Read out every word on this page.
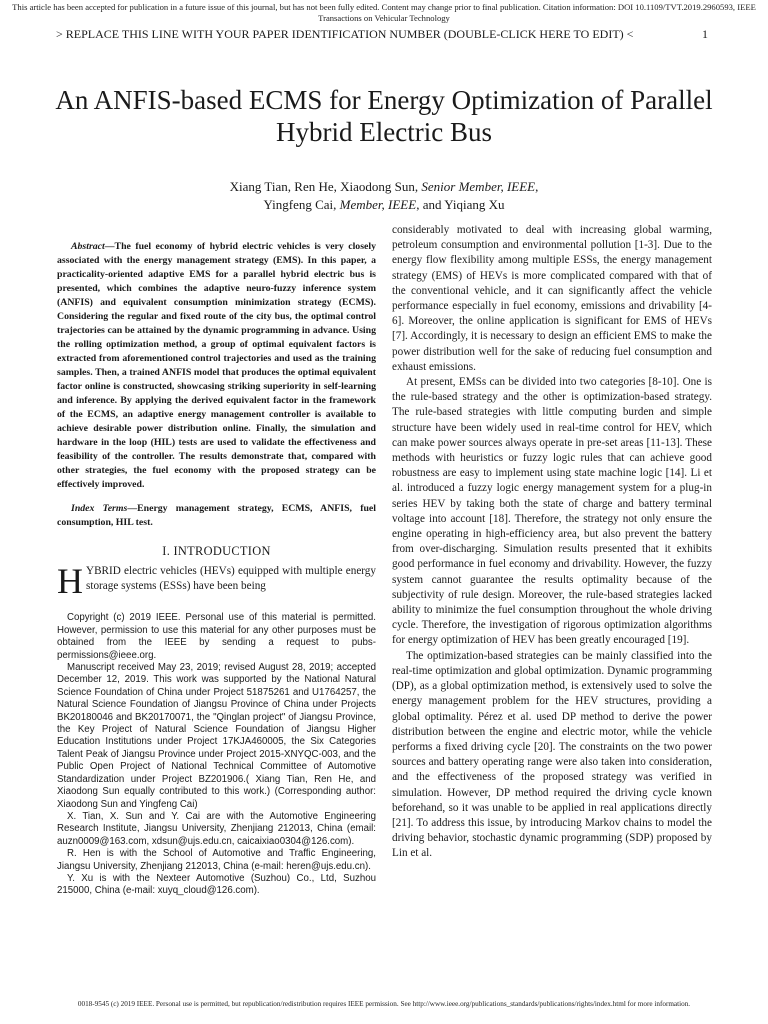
This article has been accepted for publication in a future issue of this journal, but has not been fully edited. Content may change prior to final publication. Citation information: DOI 10.1109/TVT.2019.2960593, IEEE Transactions on Vehicular Technology
> REPLACE THIS LINE WITH YOUR PAPER IDENTIFICATION NUMBER (DOUBLE-CLICK HERE TO EDIT) <	1
An ANFIS-based ECMS for Energy Optimization of Parallel Hybrid Electric Bus
Xiang Tian, Ren He, Xiaodong Sun, Senior Member, IEEE,
Yingfeng Cai, Member, IEEE, and Yiqiang Xu

Abstract—The fuel economy of hybrid electric vehicles is very closely associated with the energy management strategy (EMS). In this paper, a practicality-oriented adaptive EMS for a parallel hybrid electric bus is presented, which combines the adaptive neuro-fuzzy inference system (ANFIS) and equivalent consumption minimization strategy (ECMS). Considering the regular and fixed route of the city bus, the optimal control trajectories can be attained by the dynamic programming in advance. Using the rolling optimization method, a group of optimal equivalent factors is extracted from aforementioned control trajectories and used as the training samples. Then, a trained ANFIS model that produces the optimal equivalent factor online is constructed, showcasing striking superiority in self-learning and inference. By applying the derived equivalent factor in the framework of the ECMS, an adaptive energy management controller is available to achieve desirable power distribution online. Finally, the simulation and hardware in the loop (HIL) tests are used to validate the effectiveness and feasibility of the controller. The results demonstrate that, compared with other strategies, the fuel economy with the proposed strategy can be effectively improved.

Index Terms—Energy management strategy, ECMS, ANFIS, fuel consumption, HIL test.

I. INTRODUCTION

HYBRID electric vehicles (HEVs) equipped with multiple energy storage systems (ESSs) have been being

Copyright (c) 2019 IEEE. Personal use of this material is permitted. However, permission to use this material for any other purposes must be obtained from the IEEE by sending a request to pubs-permissions@ieee.org.

Manuscript received May 23, 2019; revised August 28, 2019; accepted December 12, 2019. This work was supported by the National Natural Science Foundation of China under Project 51875261 and U1764257, the Natural Science Foundation of Jiangsu Province of China under Projects BK20180046 and BK20170071, the "Qinglan project" of Jiangsu Province, the Key Project of Natural Science Foundation of Jiangsu Higher Education Institutions under Project 17KJA460005, the Six Categories Talent Peak of Jiangsu Province under Project 2015-XNYQC-003, and the Public Open Project of National Technical Committee of Automotive Standardization under Project BZ201906.( Xiang Tian, Ren He, and Xiaodong Sun equally contributed to this work.) (Corresponding author: Xiaodong Sun and Yingfeng Cai)

X. Tian, X. Sun and Y. Cai are with the Automotive Engineering Research Institute, Jiangsu University, Zhenjiang 212013, China (email: auzn0009@163.com, xdsun@ujs.edu.cn, caicaixiao0304@126.com).

R. Hen is with the School of Automotive and Traffic Engineering, Jiangsu University, Zhenjiang 212013, China (e-mail: heren@ujs.edu.cn).

Y. Xu is with the Nexteer Automotive (Suzhou) Co., Ltd, Suzhou 215000, China (e-mail: xuyq_cloud@126.com).

considerably motivated to deal with increasing global warming, petroleum consumption and environmental pollution [1-3]. Due to the energy flow flexibility among multiple ESSs, the energy management strategy (EMS) of HEVs is more complicated compared with that of the conventional vehicle, and it can significantly affect the vehicle performance especially in fuel economy, emissions and drivability [4-6]. Moreover, the online application is significant for EMS of HEVs [7]. Accordingly, it is necessary to design an efficient EMS to make the power distribution well for the sake of reducing fuel consumption and exhaust emissions.

At present, EMSs can be divided into two categories [8-10]. One is the rule-based strategy and the other is optimization-based strategy. The rule-based strategies with little computing burden and simple structure have been widely used in real-time control for HEV, which can make power sources always operate in pre-set areas [11-13]. These methods with heuristics or fuzzy logic rules that can achieve good robustness are easy to implement using state machine logic [14]. Li et al. introduced a fuzzy logic energy management system for a plug-in series HEV by taking both the state of charge and battery terminal voltage into account [18]. Therefore, the strategy not only ensure the engine operating in high-efficiency area, but also prevent the battery from over-discharging. Simulation results presented that it exhibits good performance in fuel economy and drivability. However, the fuzzy system cannot guarantee the results optimality because of the subjectivity of rule design. Moreover, the rule-based strategies lacked ability to minimize the fuel consumption throughout the whole driving cycle. Therefore, the investigation of rigorous optimization algorithms for energy optimization of HEV has been greatly encouraged [19].

The optimization-based strategies can be mainly classified into the real-time optimization and global optimization. Dynamic programming (DP), as a global optimization method, is extensively used to solve the energy management problem for the HEV structures, providing a global optimality. Pérez et al. used DP method to derive the power distribution between the engine and electric motor, while the vehicle performs a fixed driving cycle [20]. The constraints on the two power sources and battery operating range were also taken into consideration, and the effectiveness of the proposed strategy was verified in simulation. However, DP method required the driving cycle known beforehand, so it was unable to be applied in real applications directly [21]. To address this issue, by introducing Markov chains to model the driving behavior, stochastic dynamic programming (SDP) proposed by Lin et al.

0018-9545 (c) 2019 IEEE. Personal use is permitted, but republication/redistribution requires IEEE permission. See http://www.ieee.org/publications_standards/publications/rights/index.html for more information.
